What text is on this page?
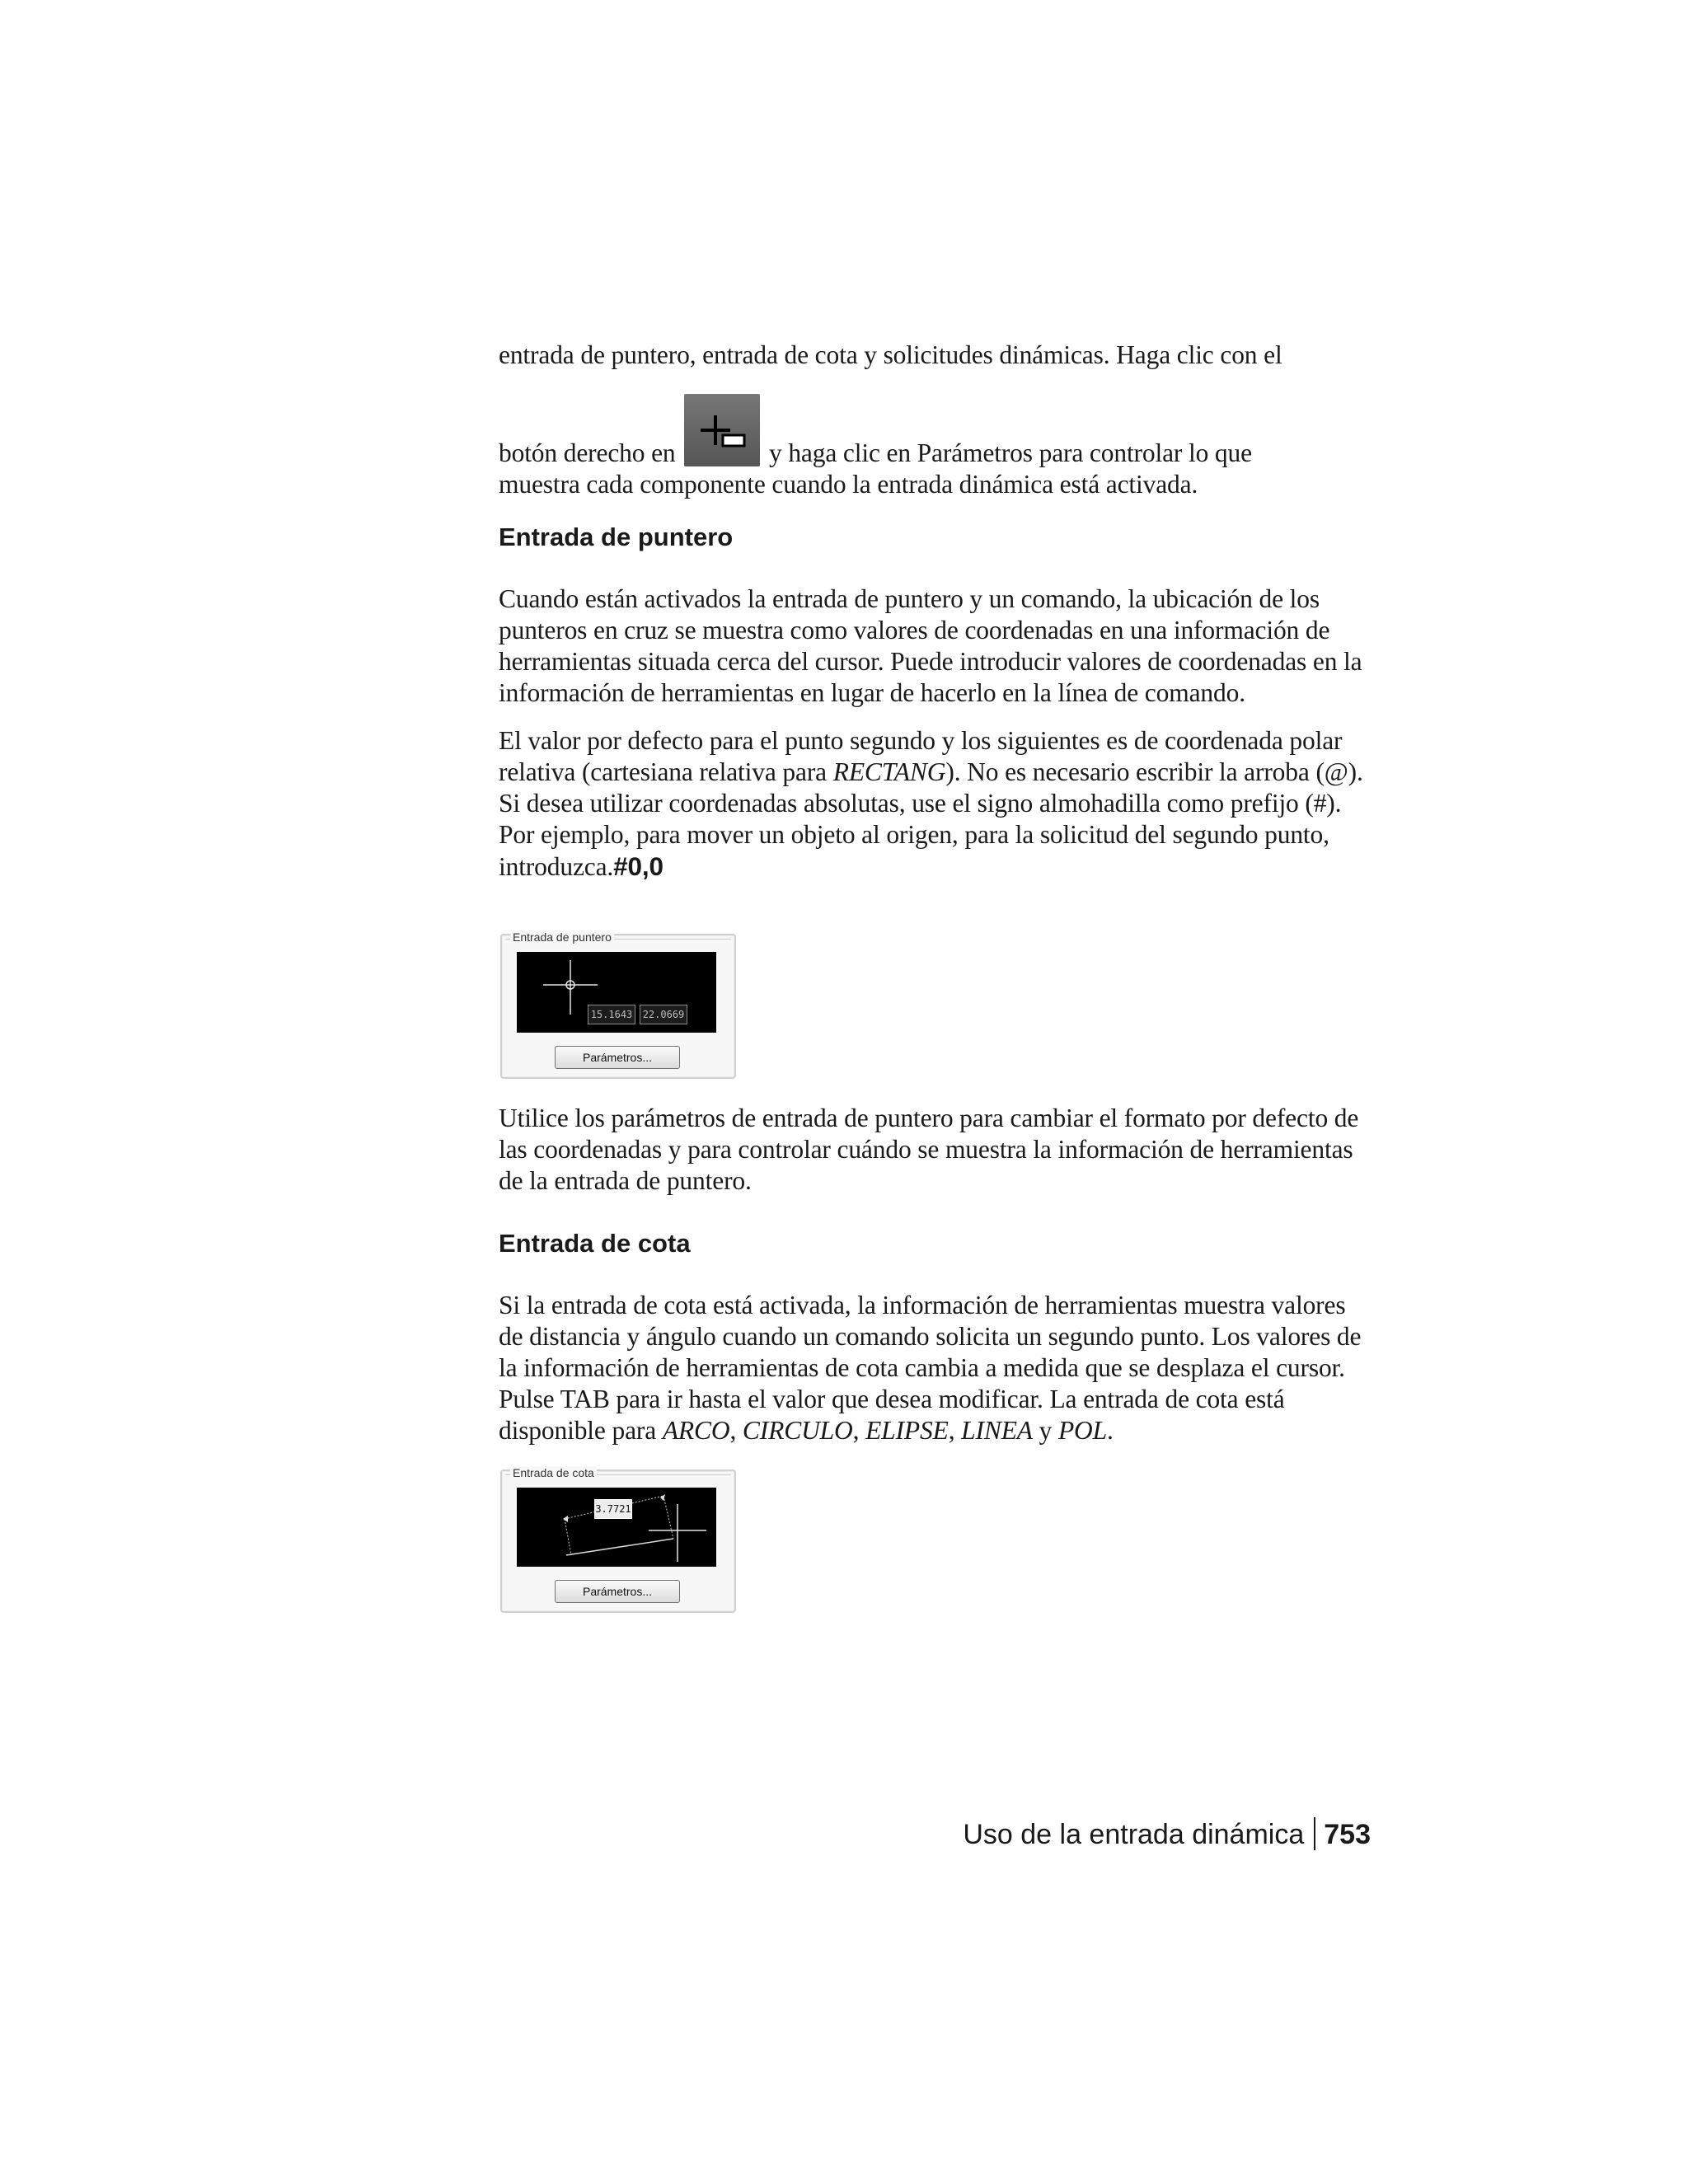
entrada de puntero, entrada de cota y solicitudes dinámicas. Haga clic con el

botón derecho en	y haga clic en Parámetros para controlar lo que

muestra cada componente cuando la entrada dinámica está activada.

Entrada de puntero

Cuando están activados la entrada de puntero y un comando, la ubicación de los punteros en cruz se muestra como valores de coordenadas en una información de herramientas situada cerca del cursor. Puede introducir valores de coordenadas en la información de herramientas en lugar de hacerlo en la línea de comando.

El valor por defecto para el punto segundo y los siguientes es de coordenada polar relativa (cartesiana relativa para RECTANG). No es necesario escribir la arroba (@). Si desea utilizar coordenadas absolutas, use el signo almohadilla como prefijo (#). Por ejemplo, para mover un objeto al origen, para la solicitud del segundo punto, introduzca.#0,0

Entrada de puntero
15.1643	22.0669
Parámetros...

Utilice los parámetros de entrada de puntero para cambiar el formato por defecto de las coordenadas y para controlar cuándo se muestra la información de herramientas de la entrada de puntero.

Entrada de cota

Si la entrada de cota está activada, la información de herramientas muestra valores de distancia y ángulo cuando un comando solicita un segundo punto. Los valores de la información de herramientas de cota cambia a medida que se desplaza el cursor. Pulse TAB para ir hasta el valor que desea modificar. La entrada de cota está disponible para ARCO, CIRCULO, ELIPSE, LINEA y POL.

Entrada de cota
3.7721
Parámetros...
Uso de la entrada dinámica 753
